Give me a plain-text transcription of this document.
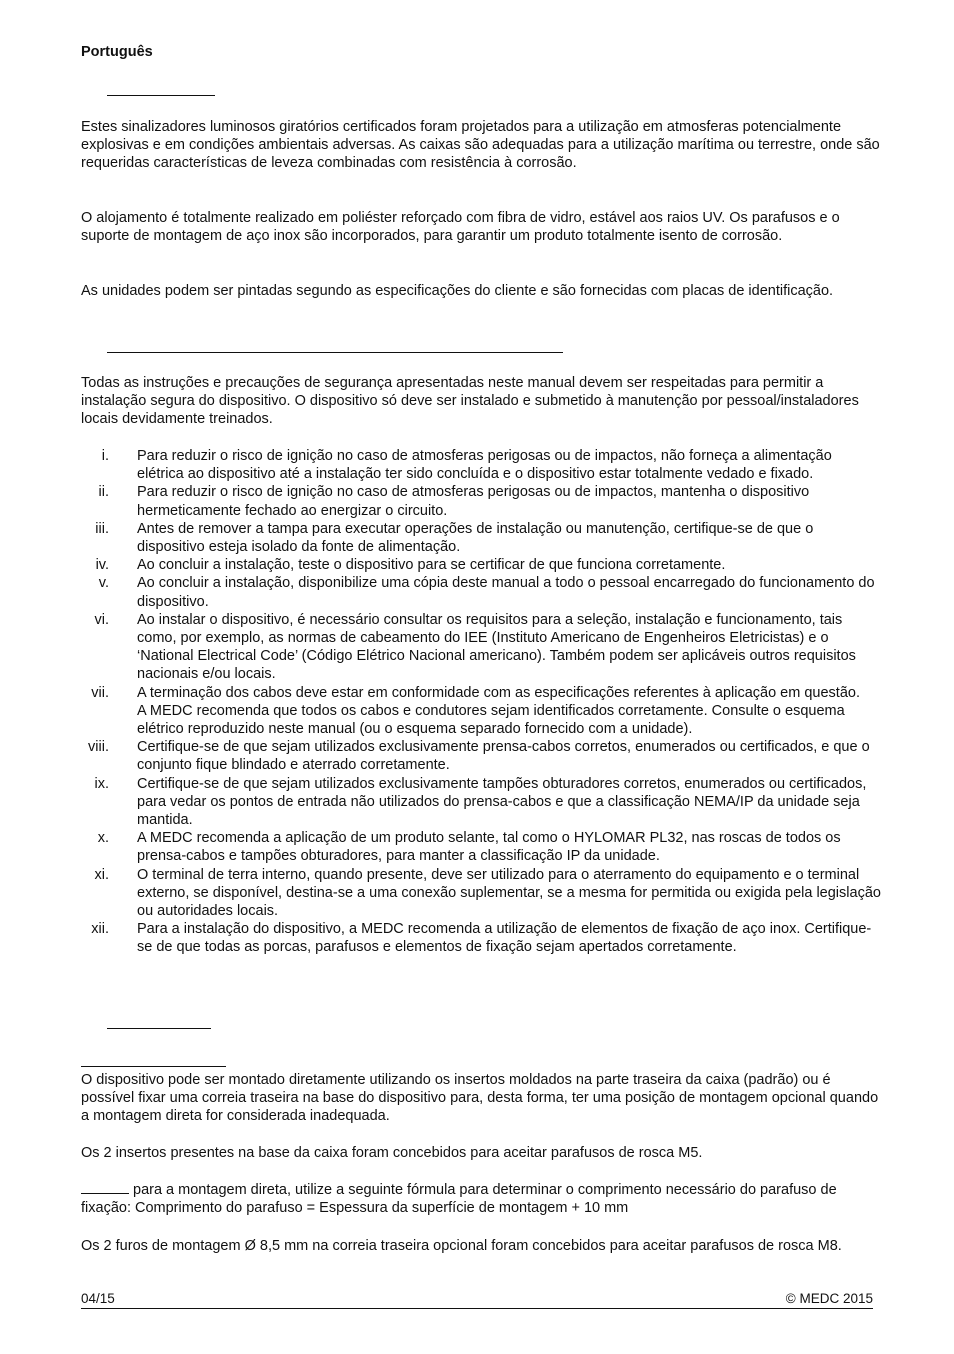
Português

Estes sinalizadores luminosos giratórios certificados foram projetados para a utilização em atmosferas potencialmente explosivas e em condições ambientais adversas. As caixas são adequadas para a utilização marítima ou terrestre, onde são requeridas características de leveza combinadas com resistência à corrosão.

O alojamento é totalmente realizado em poliéster reforçado com fibra de vidro, estável aos raios UV. Os parafusos e o suporte de montagem de aço inox são incorporados, para garantir um produto totalmente isento de corrosão.

As unidades podem ser pintadas segundo as especificações do cliente e são fornecidas com placas de identificação.

Todas as instruções e precauções de segurança apresentadas neste manual devem ser respeitadas para permitir a instalação segura do dispositivo. O dispositivo só deve ser instalado e submetido à manutenção por pessoal/instaladores locais devidamente treinados.

i. Para reduzir o risco de ignição no caso de atmosferas perigosas ou de impactos, não forneça a alimentação elétrica ao dispositivo até a instalação ter sido concluída e o dispositivo estar totalmente vedado e fixado.
ii. Para reduzir o risco de ignição no caso de atmosferas perigosas ou de impactos, mantenha o dispositivo hermeticamente fechado ao energizar o circuito.
iii. Antes de remover a tampa para executar operações de instalação ou manutenção, certifique-se de que o dispositivo esteja isolado da fonte de alimentação.
iv. Ao concluir a instalação, teste o dispositivo para se certificar de que funciona corretamente.
v. Ao concluir a instalação, disponibilize uma cópia deste manual a todo o pessoal encarregado do funcionamento do dispositivo.
vi. Ao instalar o dispositivo, é necessário consultar os requisitos para a seleção, instalação e funcionamento, tais como, por exemplo, as normas de cabeamento do IEE (Instituto Americano de Engenheiros Eletricistas) e o ‘National Electrical Code’ (Código Elétrico Nacional americano). Também podem ser aplicáveis outros requisitos nacionais e/ou locais.
vii. A terminação dos cabos deve estar em conformidade com as especificações referentes à aplicação em questão.
A MEDC recomenda que todos os cabos e condutores sejam identificados corretamente. Consulte o esquema elétrico reproduzido neste manual (ou o esquema separado fornecido com a unidade).
viii. Certifique-se de que sejam utilizados exclusivamente prensa-cabos corretos, enumerados ou certificados, e que o conjunto fique blindado e aterrado corretamente.
ix. Certifique-se de que sejam utilizados exclusivamente tampões obturadores corretos, enumerados ou certificados, para vedar os pontos de entrada não utilizados do prensa-cabos e que a classificação NEMA/IP da unidade seja mantida.
x. A MEDC recomenda a aplicação de um produto selante, tal como o HYLOMAR PL32, nas roscas de todos os prensa-cabos e tampões obturadores, para manter a classificação IP da unidade.
xi. O terminal de terra interno, quando presente, deve ser utilizado para o aterramento do equipamento e o terminal externo, se disponível, destina-se a uma conexão suplementar, se a mesma for permitida ou exigida pela legislação ou autoridades locais.
xii. Para a instalação do dispositivo, a MEDC recomenda a utilização de elementos de fixação de aço inox. Certifique-se de que todas as porcas, parafusos e elementos de fixação sejam apertados corretamente.

O dispositivo pode ser montado diretamente utilizando os insertos moldados na parte traseira da caixa (padrão) ou é possível fixar uma correia traseira na base do dispositivo para, desta forma, ter uma posição de montagem opcional quando a montagem direta for considerada inadequada.

Os 2 insertos presentes na base da caixa foram concebidos para aceitar parafusos de rosca M5.

para a montagem direta, utilize a seguinte fórmula para determinar o comprimento necessário do parafuso de fixação: Comprimento do parafuso = Espessura da superfície de montagem + 10 mm

Os 2 furos de montagem Ø 8,5 mm na correia traseira opcional foram concebidos para aceitar parafusos de rosca M8.

04/15	© MEDC 2015
